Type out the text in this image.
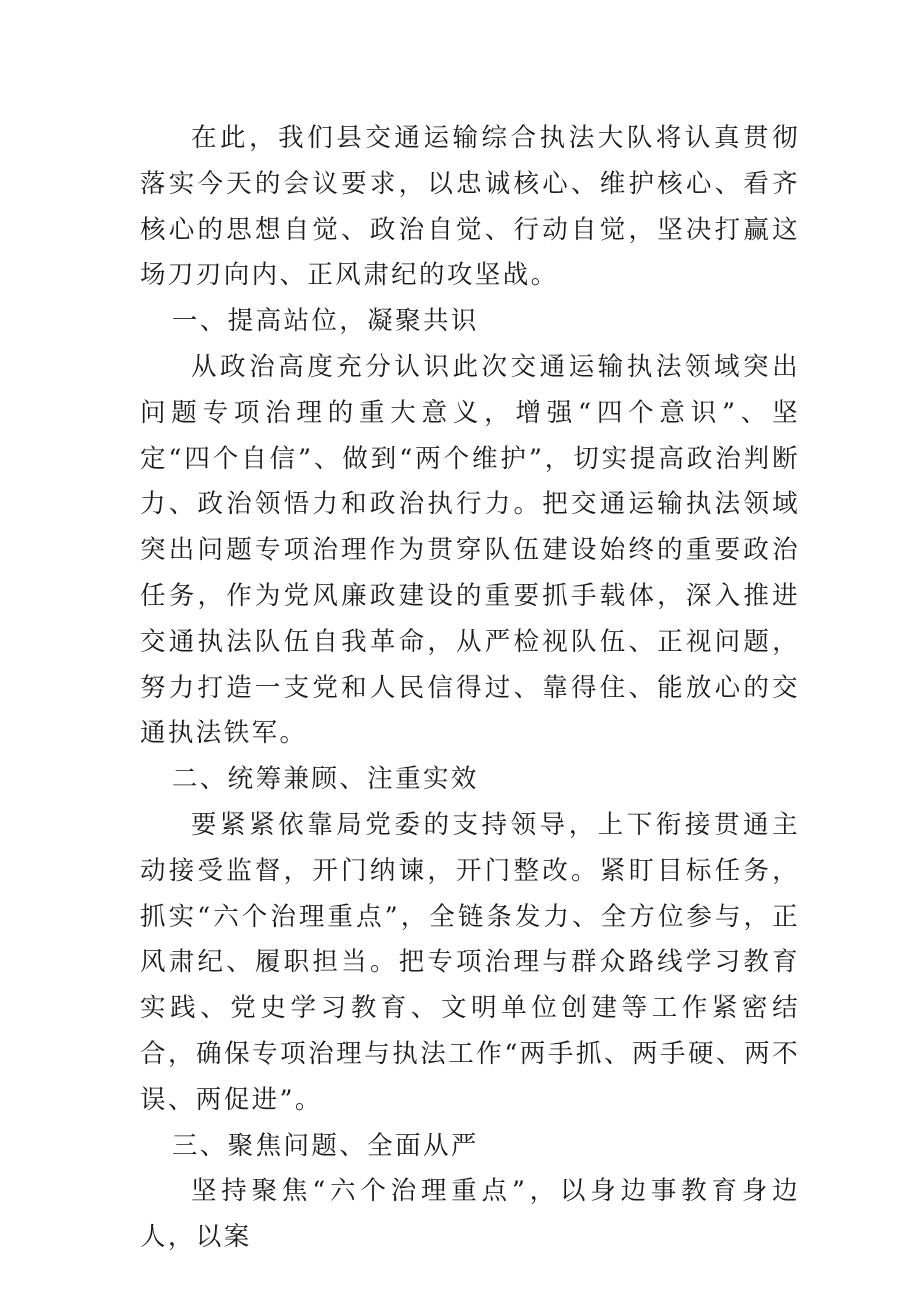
在此，我们县交通运输综合执法大队将认真贯彻落实今天的会议要求，以忠诚核心、维护核心、看齐核心的思想自觉、政治自觉、行动自觉，坚决打赢这场刀刃向内、正风肃纪的攻坚战。

一、提高站位，凝聚共识

从政治高度充分认识此次交通运输执法领域突出问题专项治理的重大意义，增强“四个意识”、坚定“四个自信”、做到“两个维护”，切实提高政治判断力、政治领悟力和政治执行力。把交通运输执法领域突出问题专项治理作为贯穿队伍建设始终的重要政治任务，作为党风廉政建设的重要抓手载体，深入推进交通执法队伍自我革命，从严检视队伍、正视问题，努力打造一支党和人民信得过、靠得住、能放心的交通执法铁军。

二、统筹兼顾、注重实效

要紧紧依靠局党委的支持领导，上下衔接贯通主动接受监督，开门纳谏，开门整改。紧盯目标任务，抓实“六个治理重点”，全链条发力、全方位参与，正风肃纪、履职担当。把专项治理与群众路线学习教育实践、党史学习教育、文明单位创建等工作紧密结合，确保专项治理与执法工作“两手抓、两手硬、两不误、两促进”。

三、聚焦问题、全面从严

坚持聚焦“六个治理重点”，以身边事教育身边人，以案
